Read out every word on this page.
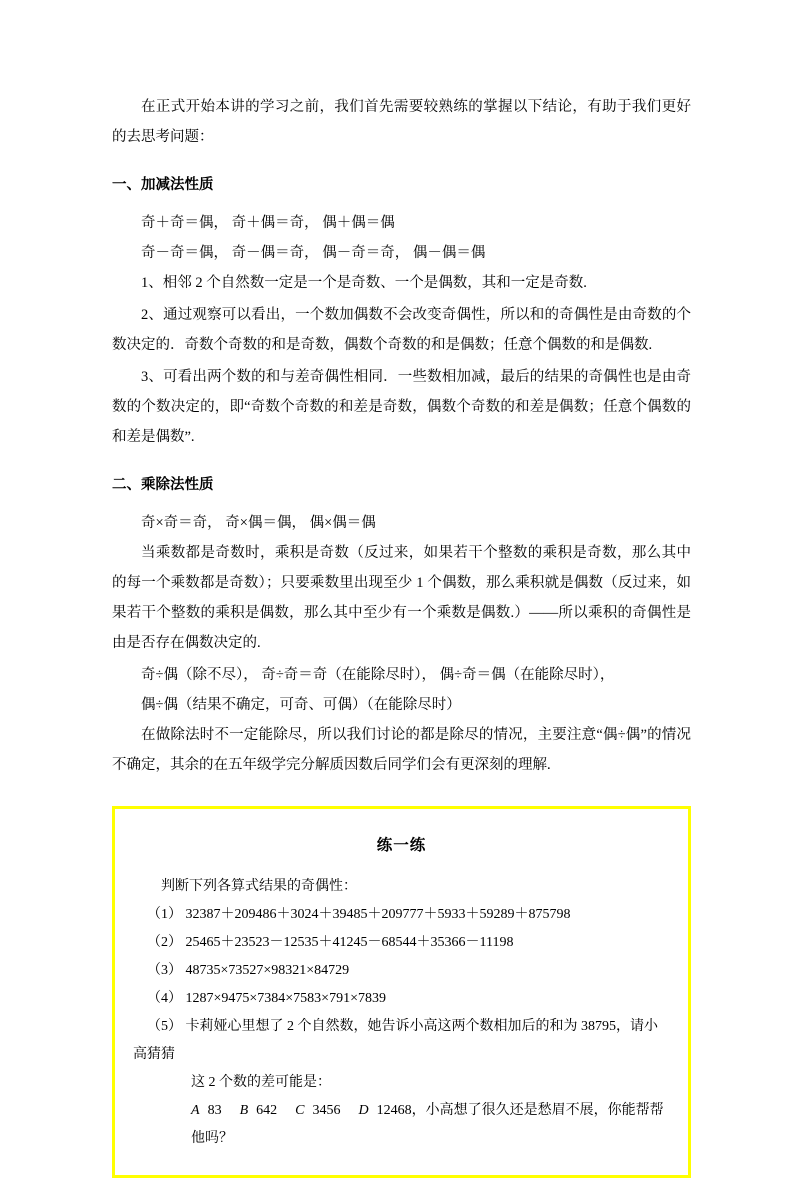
在正式开始本讲的学习之前，我们首先需要较熟练的掌握以下结论，有助于我们更好的去思考问题：

一、加减法性质

奇＋奇＝偶， 奇＋偶＝奇， 偶＋偶＝偶

奇－奇＝偶， 奇－偶＝奇， 偶－奇＝奇， 偶－偶＝偶

1、相邻 2 个自然数一定是一个是奇数、一个是偶数，其和一定是奇数.

2、通过观察可以看出，一个数加偶数不会改变奇偶性，所以和的奇偶性是由奇数的个数决定的．奇数个奇数的和是奇数，偶数个奇数的和是偶数；任意个偶数的和是偶数.

3、可看出两个数的和与差奇偶性相同．一些数相加减，最后的结果的奇偶性也是由奇数的个数决定的，即“奇数个奇数的和差是奇数，偶数个奇数的和差是偶数；任意个偶数的和差是偶数”.

二、乘除法性质

奇×奇＝奇， 奇×偶＝偶， 偶×偶＝偶

当乘数都是奇数时，乘积是奇数（反过来，如果若干个整数的乘积是奇数，那么其中的每一个乘数都是奇数）；只要乘数里出现至少 1 个偶数，那么乘积就是偶数（反过来，如果若干个整数的乘积是偶数，那么其中至少有一个乘数是偶数.）——所以乘积的奇偶性是由是否存在偶数决定的.

奇÷偶（除不尽）， 奇÷奇＝奇（在能除尽时）， 偶÷奇＝偶（在能除尽时），

偶÷偶（结果不确定，可奇、可偶）（在能除尽时）

在做除法时不一定能除尽，所以我们讨论的都是除尽的情况，主要注意“偶÷偶”的情况不确定，其余的在五年级学完分解质因数后同学们会有更深刻的理解.

练一练

判断下列各算式结果的奇偶性：

（1） 32387＋209486＋3024＋39485＋209777＋5933＋59289＋875798

（2） 25465＋23523－12535＋41245－68544＋35366－11198

（3） 48735×73527×98321×84729

（4） 1287×9475×7384×7583×791×7839

（5） 卡莉娅心里想了 2 个自然数，她告诉小高这两个数相加后的和为 38795，请小高猜猜

这 2 个数的差可能是：

A 83 B 642 C 3456 D 12468，小高想了很久还是愁眉不展，你能帮帮他吗？
